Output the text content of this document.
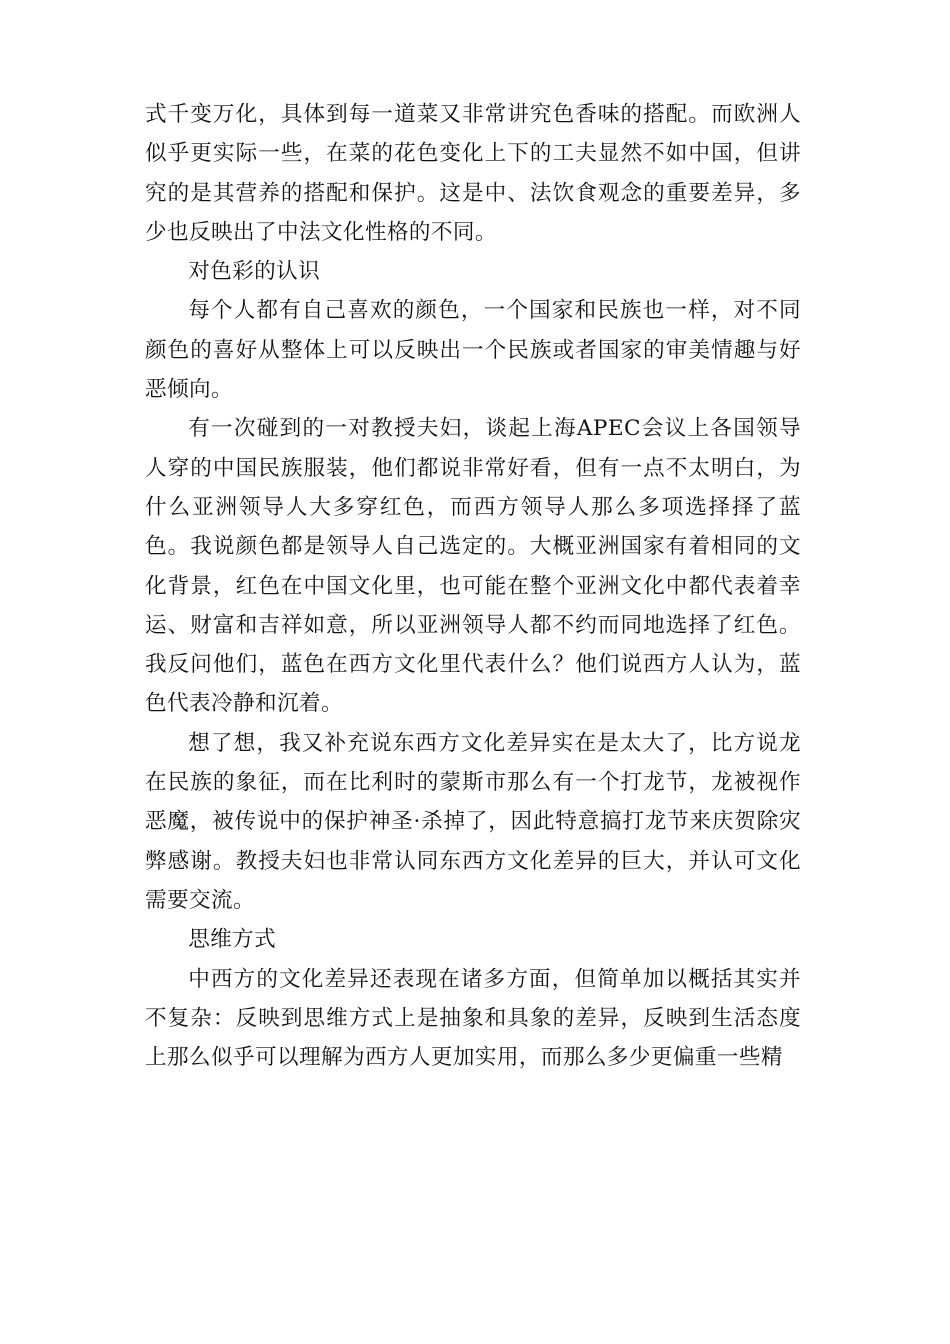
式千变万化，具体到每一道菜又非常讲究色香味的搭配。而欧洲人似乎更实际一些，在菜的花色变化上下的工夫显然不如中国，但讲究的是其营养的搭配和保护。这是中、法饮食观念的重要差异，多少也反映出了中法文化性格的不同。

对色彩的认识

每个人都有自己喜欢的颜色，一个国家和民族也一样，对不同颜色的喜好从整体上可以反映出一个民族或者国家的审美情趣与好恶倾向。

有一次碰到的一对教授夫妇，谈起上海APEC会议上各国领导人穿的中国民族服装，他们都说非常好看，但有一点不太明白，为什么亚洲领导人大多穿红色，而西方领导人那么多项选择择了蓝色。我说颜色都是领导人自己选定的。大概亚洲国家有着相同的文化背景，红色在中国文化里，也可能在整个亚洲文化中都代表着幸运、财富和吉祥如意，所以亚洲领导人都不约而同地选择了红色。我反问他们，蓝色在西方文化里代表什么？他们说西方人认为，蓝色代表冷静和沉着。

想了想，我又补充说东西方文化差异实在是太大了，比方说龙在民族的象征，而在比利时的蒙斯市那么有一个打龙节，龙被视作恶魔，被传说中的保护神圣·杀掉了，因此特意搞打龙节来庆贺除灾弊感谢。教授夫妇也非常认同东西方文化差异的巨大，并认可文化需要交流。

思维方式

中西方的文化差异还表现在诸多方面，但简单加以概括其实并不复杂：反映到思维方式上是抽象和具象的差异，反映到生活态度上那么似乎可以理解为西方人更加实用，而那么多少更偏重一些精
